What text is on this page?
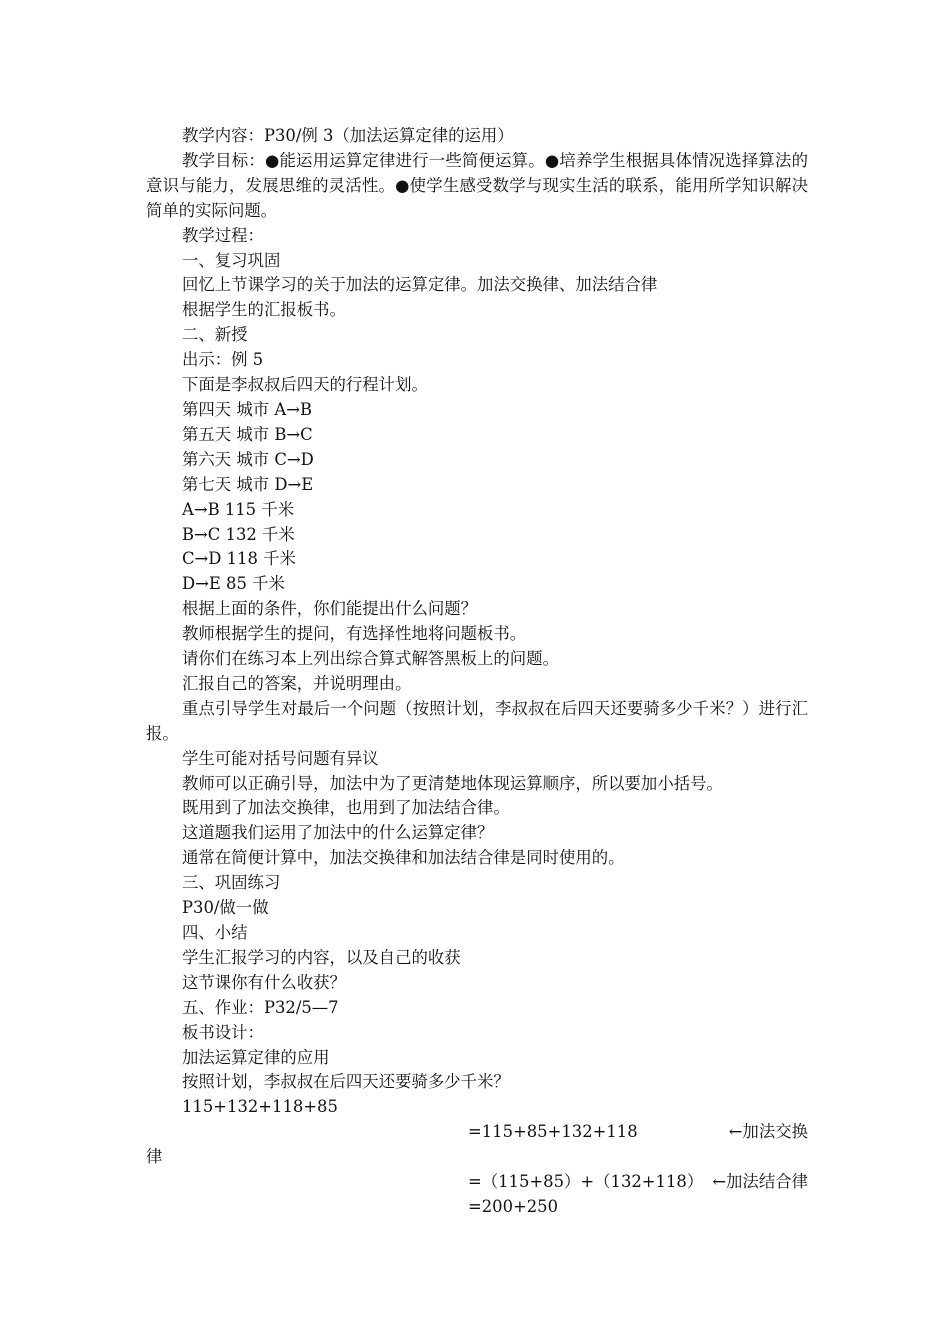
教学内容：P30/例 3（加法运算定律的运用）

教学目标：●能运用运算定律进行一些简便运算。●培养学生根据具体情况选择算法的意识与能力，发展思维的灵活性。●使学生感受数学与现实生活的联系，能用所学知识解决简单的实际问题。

教学过程：

一、复习巩固

回忆上节课学习的关于加法的运算定律。加法交换律、加法结合律

根据学生的汇报板书。

二、新授

出示：例 5

下面是李叔叔后四天的行程计划。

第四天 城市 A→B

第五天 城市 B→C

第六天 城市 C→D

第七天 城市 D→E

A→B 115 千米

B→C 132 千米

C→D 118 千米

D→E 85 千米

根据上面的条件，你们能提出什么问题？

教师根据学生的提问，有选择性地将问题板书。

请你们在练习本上列出综合算式解答黑板上的问题。

汇报自己的答案，并说明理由。

重点引导学生对最后一个问题（按照计划，李叔叔在后四天还要骑多少千米？）进行汇报。

学生可能对括号问题有异议

教师可以正确引导，加法中为了更清楚地体现运算顺序，所以要加小括号。

既用到了加法交换律，也用到了加法结合律。

这道题我们运用了加法中的什么运算定律？

通常在简便计算中，加法交换律和加法结合律是同时使用的。

三、巩固练习

P30/做一做

四、小结

学生汇报学习的内容，以及自己的收获

这节课你有什么收获？

五、作业：P32/5—7

板书设计：

加法运算定律的应用

按照计划，李叔叔在后四天还要骑多少千米？

115+132+118+85

=115+85+132+118	←加法交换

律

=（115+85）+（132+118） ←加法结合律
=200+250
